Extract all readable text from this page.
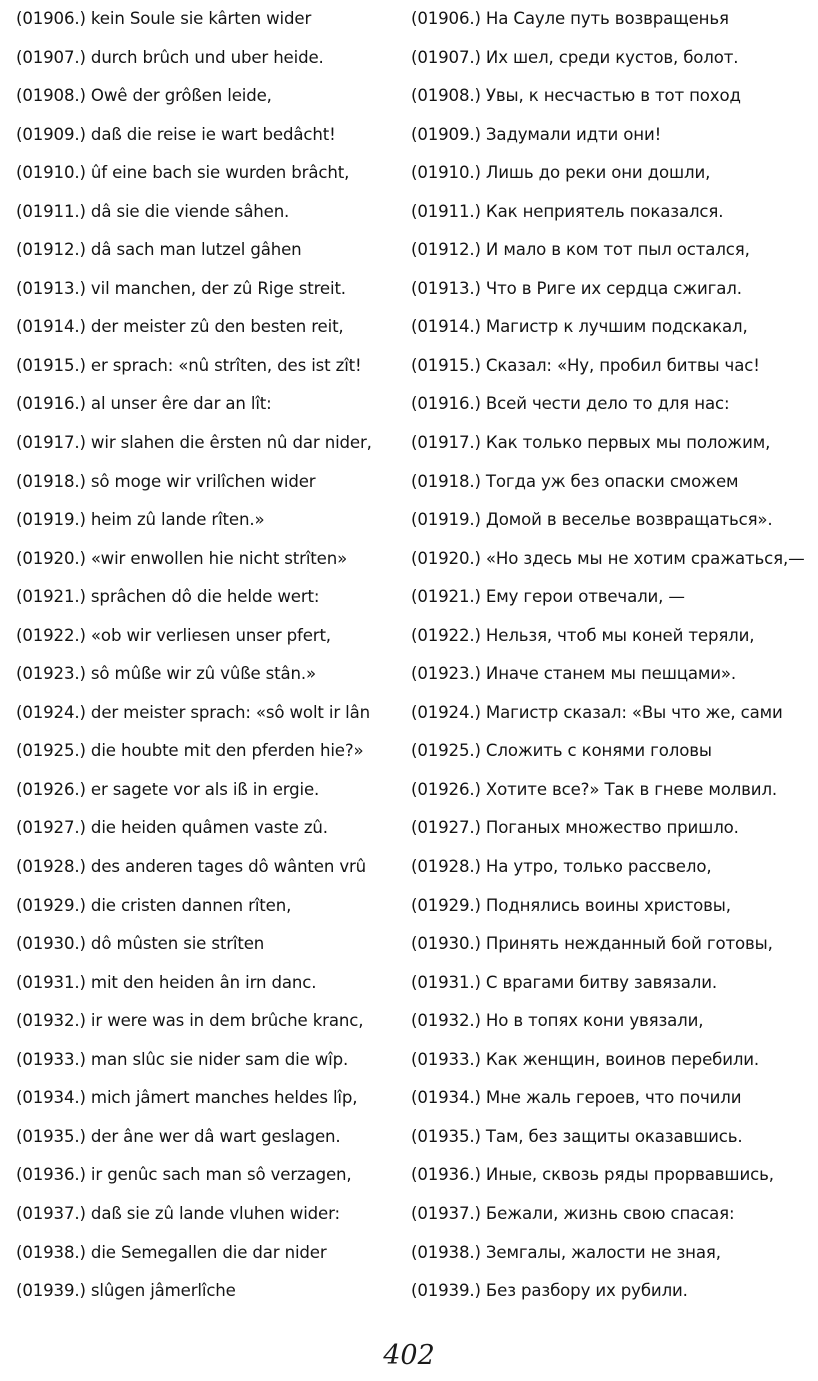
(01906.) kein Soule sie kârten wider
(01907.) durch brûch und uber heide.
(01908.) Owê der grôßen leide,
(01909.) daß die reise ie wart bedâcht!
(01910.) ûf eine bach sie wurden brâcht,
(01911.) dâ sie die viende sâhen.
(01912.) dâ sach man lutzel gâhen
(01913.) vil manchen, der zû Rige streit.
(01914.) der meister zû den besten reit,
(01915.) er sprach: «nû strîten, des ist zît!
(01916.) al unser êre dar an lît:
(01917.) wir slahen die êrsten nû dar nider,
(01918.) sô moge wir vrilîchen wider
(01919.) heim zû lande rîten.»
(01920.) «wir enwollen hie nicht strîten»
(01921.) sprâchen dô die helde wert:
(01922.) «ob wir verliesen unser pfert,
(01923.) sô mûße wir zû vûße stân.»
(01924.) der meister sprach: «sô wolt ir lân
(01925.) die houbte mit den pferden hie?»
(01926.) er sagete vor als iß in ergie.
(01927.) die heiden quâmen vaste zû.
(01928.) des anderen tages dô wânten vrû
(01929.) die cristen dannen rîten,
(01930.) dô mûsten sie strîten
(01931.) mit den heiden ân irn danc.
(01932.) ir were was in dem brûche kranc,
(01933.) man slûc sie nider sam die wîp.
(01934.) mich jâmert manches heldes lîp,
(01935.) der âne wer dâ wart geslagen.
(01936.) ir genûc sach man sô verzagen,
(01937.) daß sie zû lande vluhen wider:
(01938.) die Semegallen die dar nider
(01939.) slûgen jâmerlîche
(01906.) На Сауле путь возвращенья
(01907.) Их шел, среди кустов, болот.
(01908.) Увы, к несчастью в тот поход
(01909.) Задумали идти они!
(01910.) Лишь до реки они дошли,
(01911.) Как неприятель показался.
(01912.) И мало в ком тот пыл остался,
(01913.) Что в Риге их сердца сжигал.
(01914.) Магистр к лучшим подскакал,
(01915.) Сказал: «Ну, пробил битвы час!
(01916.) Всей чести дело то для нас:
(01917.) Как только первых мы положим,
(01918.) Тогда уж без опаски сможем
(01919.) Домой в веселье возвращаться».
(01920.) «Но здесь мы не хотим сражаться,—
(01921.) Ему герои отвечали, —
(01922.) Нельзя, чтоб мы коней теряли,
(01923.) Иначе станем мы пешцами».
(01924.) Магистр сказал: «Вы что же, сами
(01925.) Сложить с конями головы
(01926.) Хотите все?» Так в гневе молвил.
(01927.) Поганых множество пришло.
(01928.) На утро, только рассвело,
(01929.) Поднялись воины христовы,
(01930.) Принять нежданный бой готовы,
(01931.) С врагами битву завязали.
(01932.) Но в топях кони увязали,
(01933.) Как женщин, воинов перебили.
(01934.) Мне жаль героев, что почили
(01935.) Там, без защиты оказавшись.
(01936.) Иные, сквозь ряды прорвавшись,
(01937.) Бежали, жизнь свою спасая:
(01938.) Земгалы, жалости не зная,
(01939.) Без разбору их рубили.
402
